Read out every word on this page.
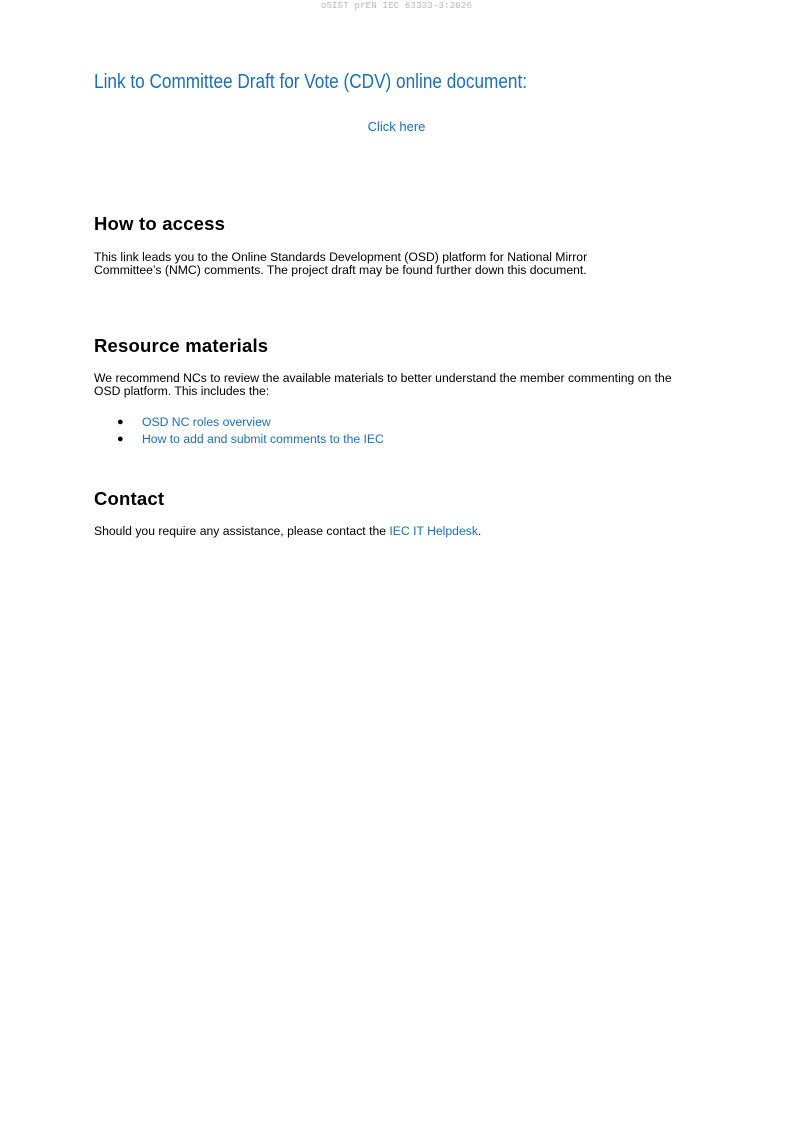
oSIST prEN IEC 63333-3:2026
Link to Committee Draft for Vote (CDV) online document:
Click here
How to access

This link leads you to the Online Standards Development (OSD) platform for National Mirror Committee’s (NMC) comments. The project draft may be found further down this document.

Resource materials

We recommend NCs to review the available materials to better understand the member commenting on the OSD platform. This includes the:

● OSD NC roles overview
● How to add and submit comments to the IEC
Contact

Should you require any assistance, please contact the IEC IT Helpdesk.
